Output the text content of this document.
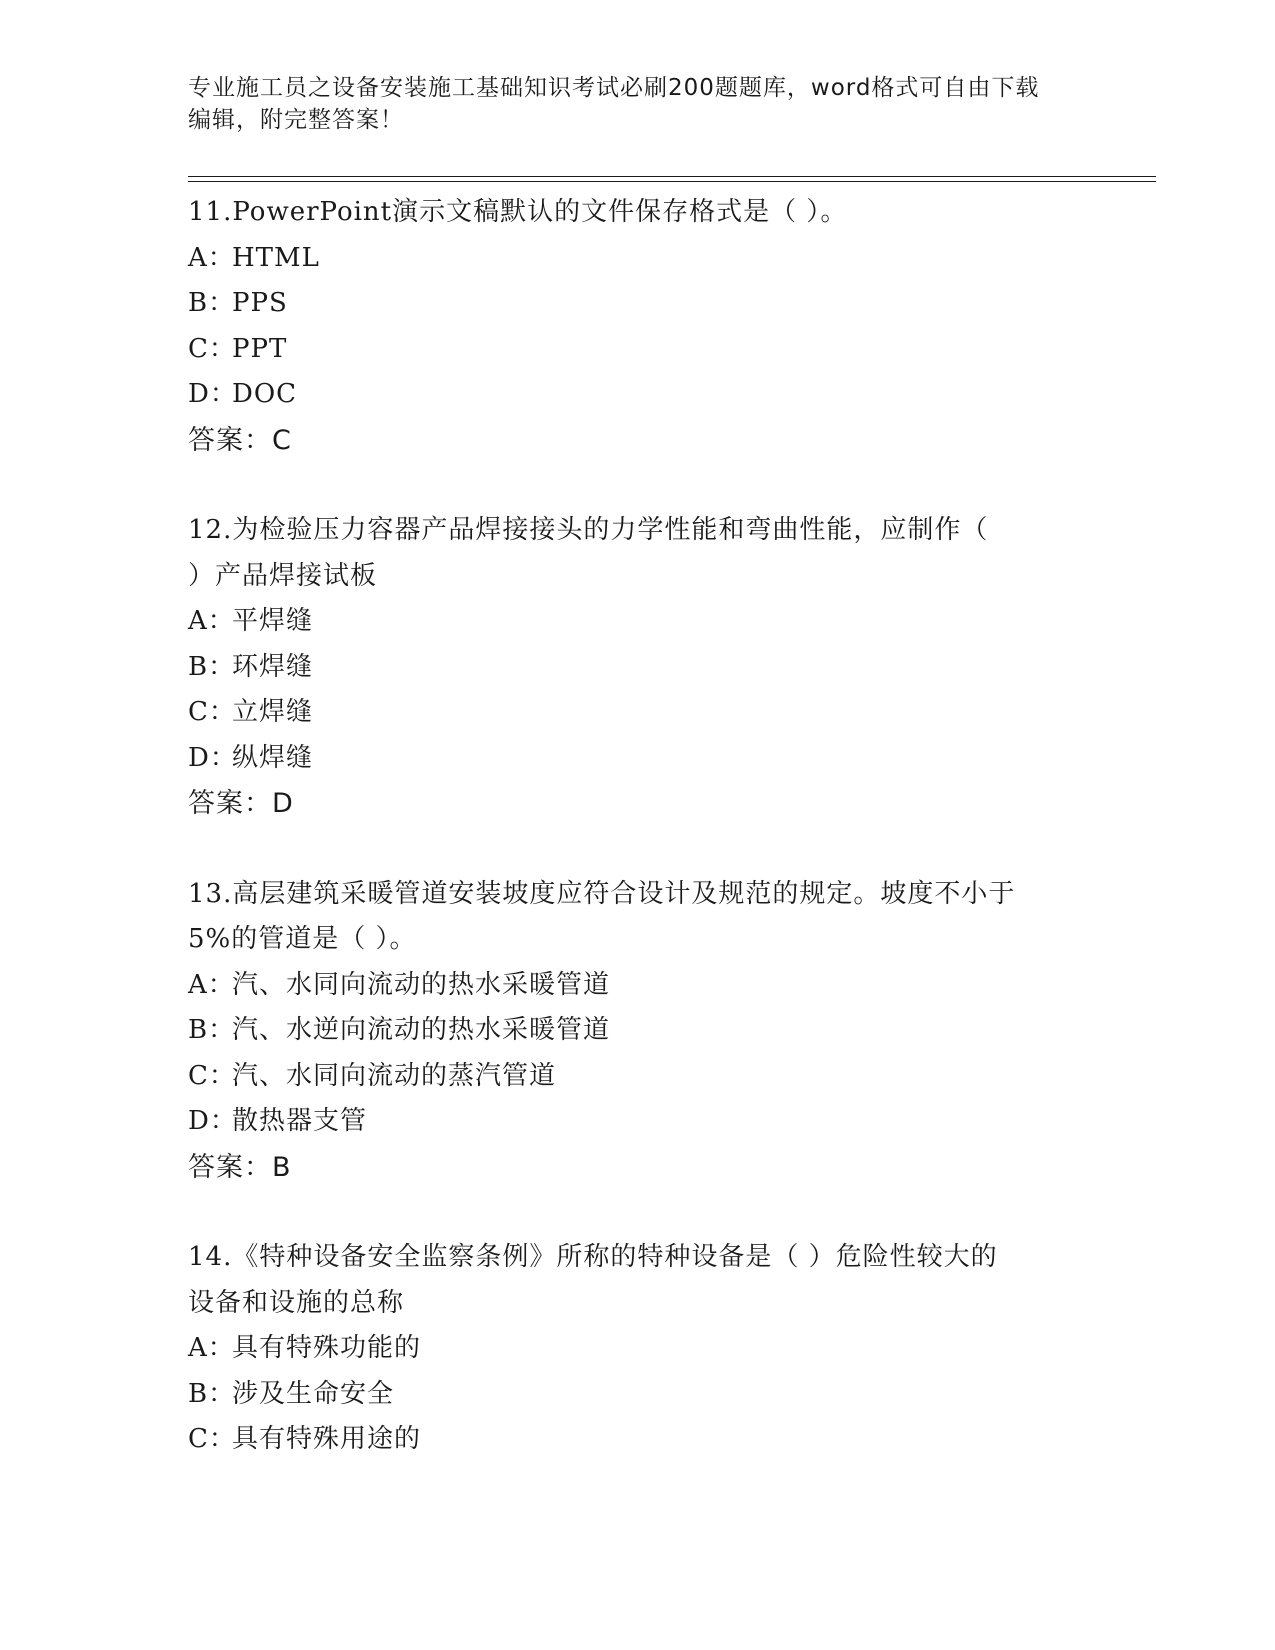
专业施工员之设备安装施工基础知识考试必刷200题题库，word格式可自由下载
编辑，附完整答案！
11.PowerPoint演示文稿默认的文件保存格式是（ ）。
A：HTML
B：PPS
C：PPT
D：DOC
答案：C
12.为检验压力容器产品焊接接头的力学性能和弯曲性能，应制作（
）产品焊接试板
A：平焊缝
B：环焊缝
C：立焊缝
D：纵焊缝
答案：D
13.高层建筑采暖管道安装坡度应符合设计及规范的规定。坡度不小于
5%的管道是（ ）。
A：汽、水同向流动的热水采暖管道
B：汽、水逆向流动的热水采暖管道
C：汽、水同向流动的蒸汽管道
D：散热器支管
答案：B
14.《特种设备安全监察条例》所称的特种设备是（ ）危险性较大的
设备和设施的总称
A：具有特殊功能的
B：涉及生命安全
C：具有特殊用途的
